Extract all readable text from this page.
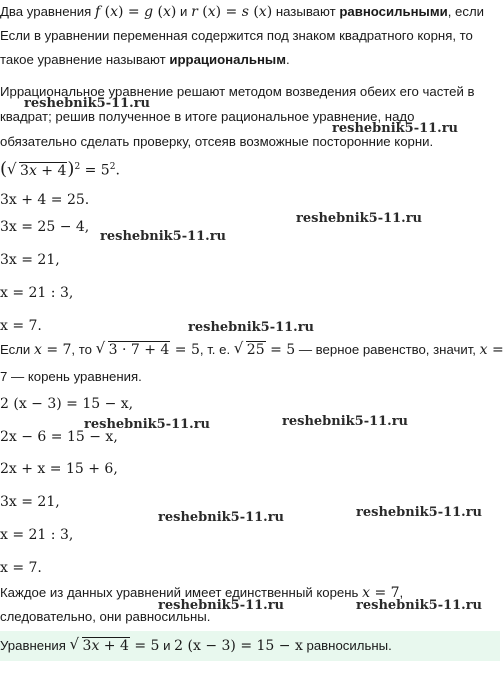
Два уравнения f (x) = g (x) и r (x) = s (x) называют равносильными, если
Если в уравнении переменная содержится под знаком квадратного корня, то
такое уравнение называют иррациональным.
Иррациональное уравнение решают методом возведения обеих его частей в
квадрат; решив полученное в итоге рациональное уравнение, надо
обязательно сделать проверку, отсеяв возможные посторонние корни.
( √ $3x + 4)^2 = 5^2$.
3x + 4 = 25.
3x = 25 − 4,
3x = 21,
x = 21 : 3,
x = 7.
Если x = 7, то √ 3 · 7 + 4 = 5, т. е. √ 25 = 5 — верное равенство, значит, x =
7 — корень уравнения.
2 (x − 3) = 15 − x,
2x − 6 = 15 − x,
2x + x = 15 + 6,
3x = 21,
x = 21 : 3,
x = 7.
Каждое из данных уравнений имеет единственный корень x = 7,
следовательно, они равносильны.
Уравнения √ 3x + 4 = 5 и 2 (x − 3) = 15 − x равносильны.
reshebnik5-11.ru
reshebnik5-11.ru
reshebnik5-11.ru
reshebnik5-11.ru
reshebnik5-11.ru
reshebnik5-11.ru	reshebnik5-11.ru
reshebnik5-11.ru	reshebnik5-11.ru
reshebnik5-11.ru	reshebnik5-11.ru
